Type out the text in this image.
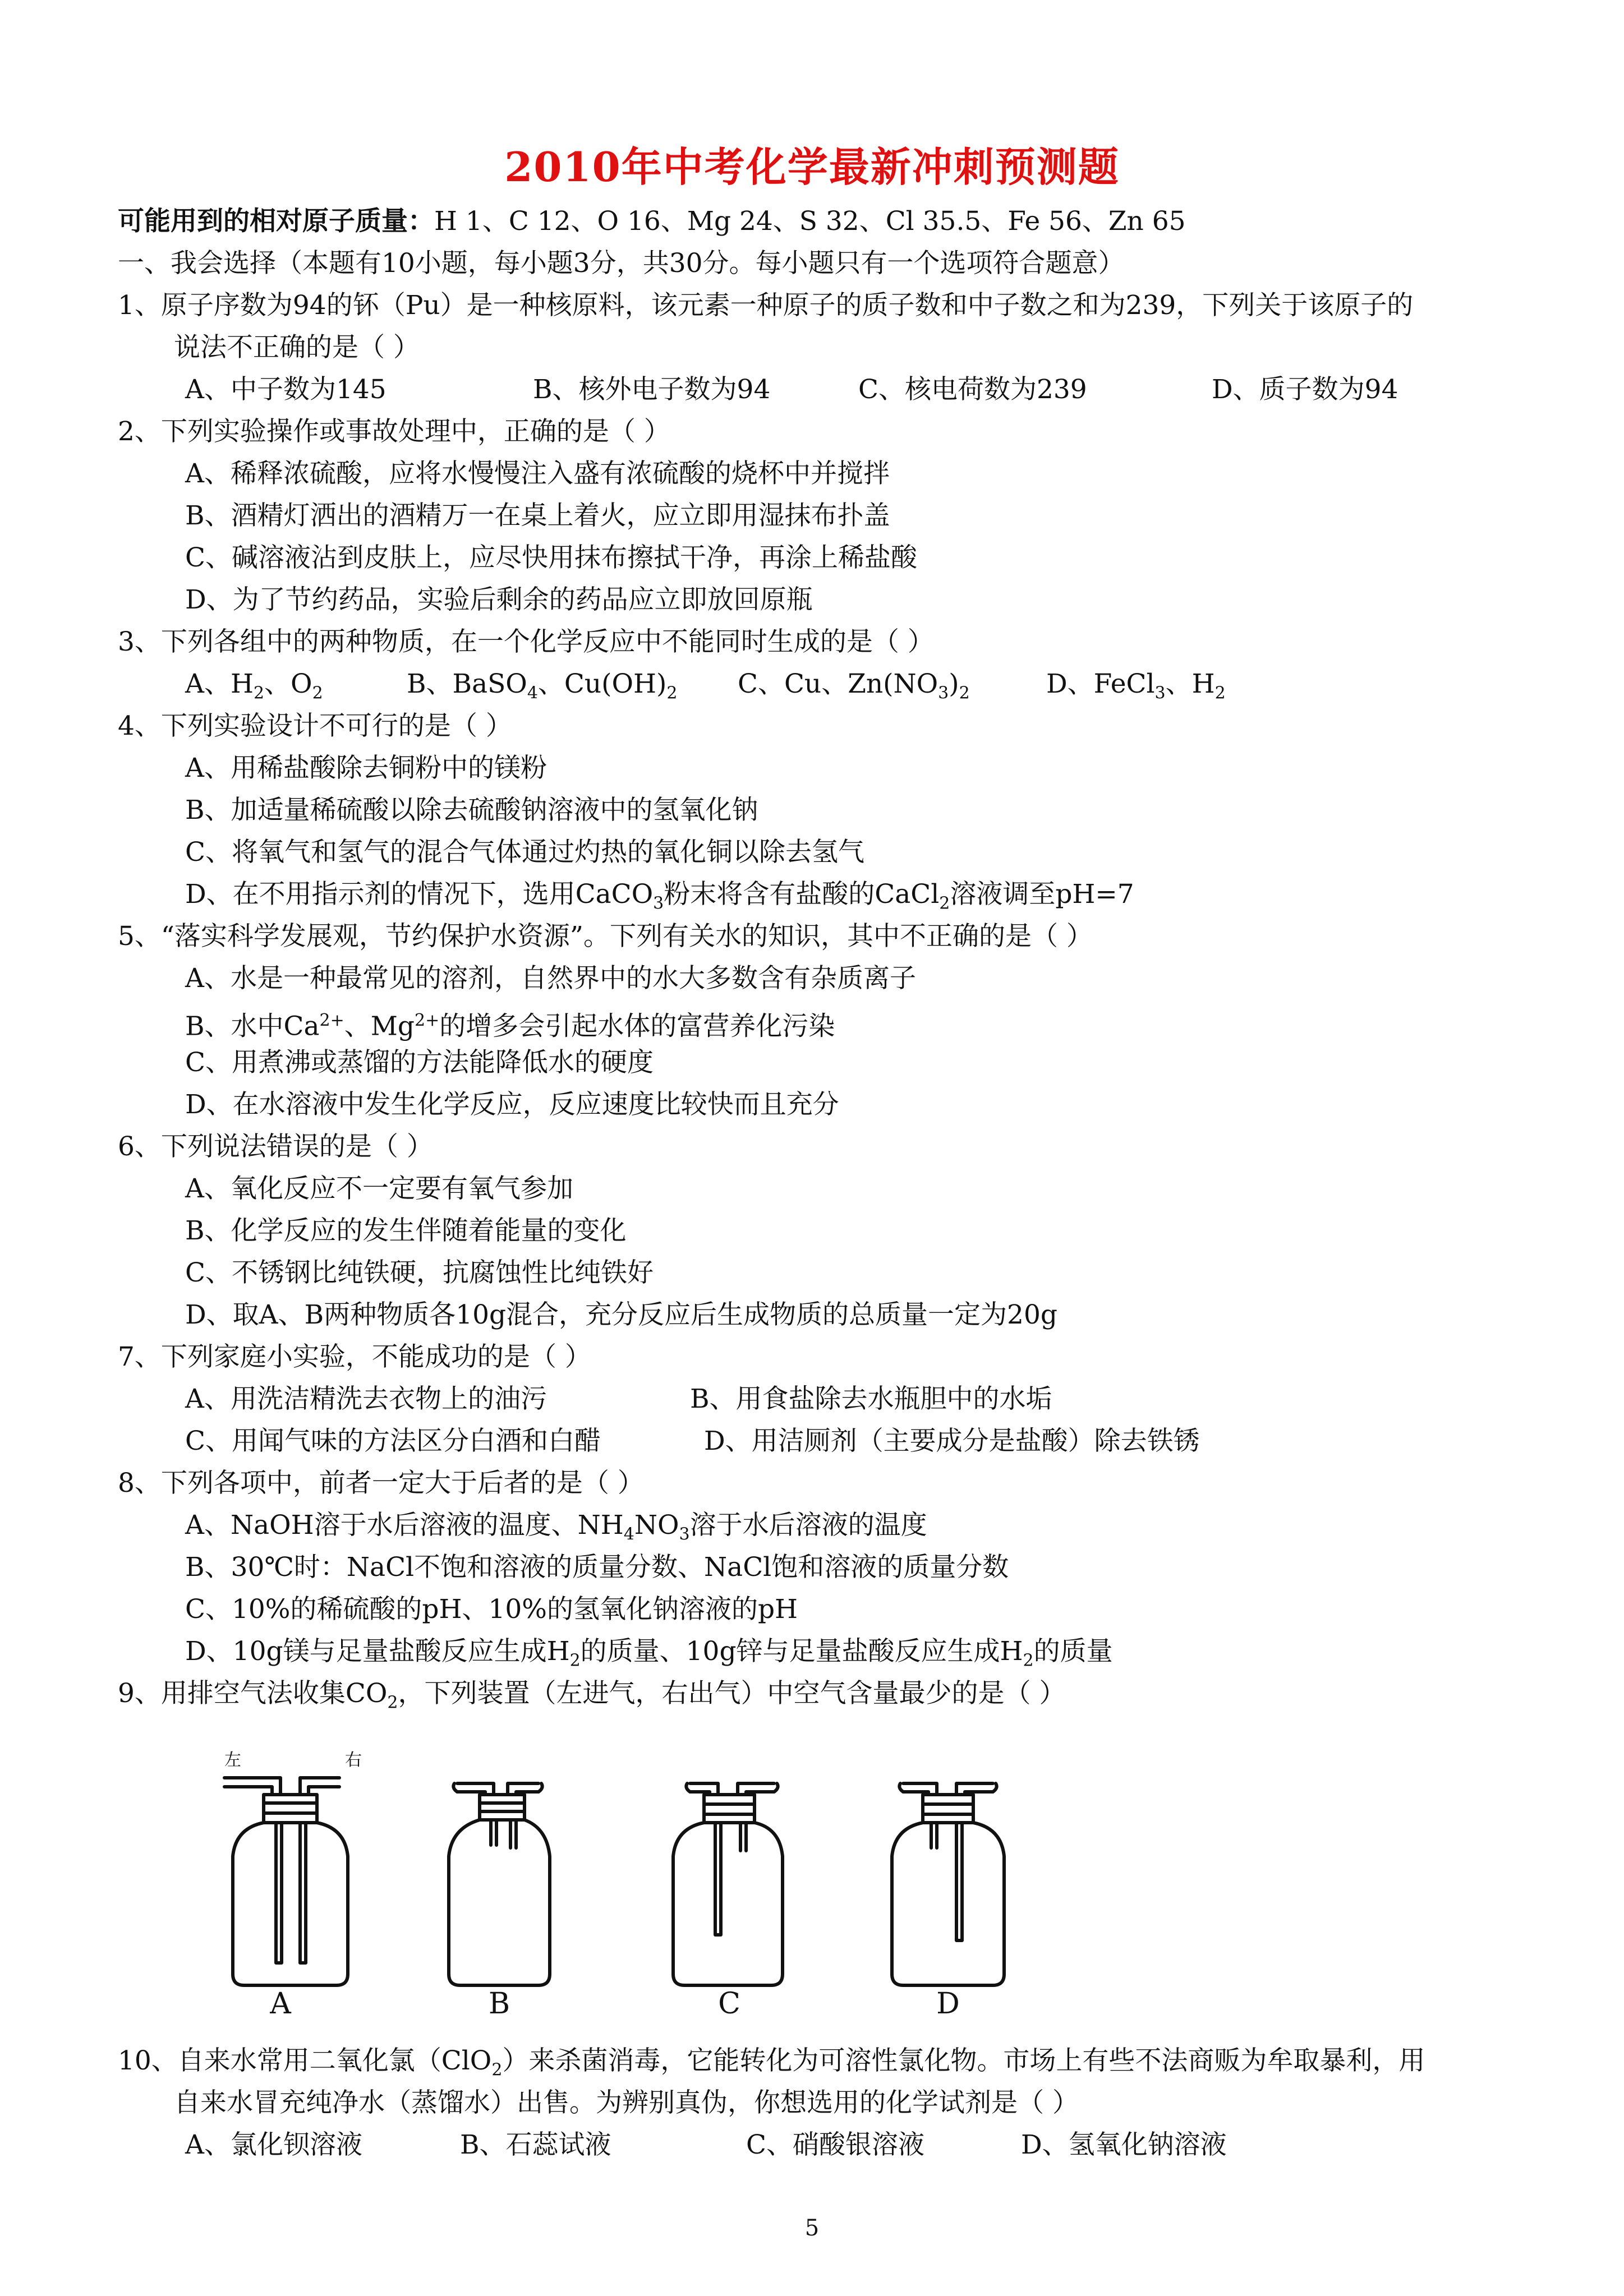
2010年中考化学最新冲刺预测题
可能用到的相对原子质量：H 1、C 12、O 16、Mg 24、S 32、Cl 35.5、Fe 56、Zn 65
一、我会选择（本题有10小题，每小题3分，共30分。每小题只有一个选项符合题意）
1、原子序数为94的钚（Pu）是一种核原料，该元素一种原子的质子数和中子数之和为239，下列关于该原子的
说法不正确的是（ ）
A、中子数为145	B、核外电子数为94	C、核电荷数为239	D、质子数为94
2、下列实验操作或事故处理中，正确的是（ ）
A、稀释浓硫酸，应将水慢慢注入盛有浓硫酸的烧杯中并搅拌
B、酒精灯洒出的酒精万一在桌上着火，应立即用湿抹布扑盖
C、碱溶液沾到皮肤上，应尽快用抹布擦拭干净，再涂上稀盐酸
D、为了节约药品，实验后剩余的药品应立即放回原瓶
3、下列各组中的两种物质，在一个化学反应中不能同时生成的是（ ）
A、$H_2$、$O_2$	B、BaSO$_4$、$Cu(OH)_2$ C、Cu、$Zn(NO_3)_2$	D、FeCl$_3$、$H_2$
4、下列实验设计不可行的是（ ）
A、用稀盐酸除去铜粉中的镁粉
B、加适量稀硫酸以除去硫酸钠溶液中的氢氧化钠
C、将氧气和氢气的混合气体通过灼热的氧化铜以除去氢气
D、在不用指示剂的情况下，选用CaCO$_3$粉末将含有盐酸的CaCl$_2$溶液调至pH=7
5、“落实科学发展观，节约保护水资源”。下列有关水的知识，其中不正确的是（ ）
A、水是一种最常见的溶剂，自然界中的水大多数含有杂质离子
B、水中$Ca^{2+}$、$Mg^{2+}$的增多会引起水体的富营养化污染
C、用煮沸或蒸馏的方法能降低水的硬度
D、在水溶液中发生化学反应，反应速度比较快而且充分
6、下列说法错误的是（ ）
A、氧化反应不一定要有氧气参加
B、化学反应的发生伴随着能量的变化
C、不锈钢比纯铁硬，抗腐蚀性比纯铁好
D、取A、B两种物质各10g混合，充分反应后生成物质的总质量一定为20g
7、下列家庭小实验，不能成功的是（ ）
A、用洗洁精洗去衣物上的油污	B、用食盐除去水瓶胆中的水垢
C、用闻气味的方法区分白酒和白醋	D、用洁厕剂（主要成分是盐酸）除去铁锈
8、下列各项中，前者一定大于后者的是（ ）
A、NaOH溶于水后溶液的温度、$NH_4NO_3$溶于水后溶液的温度
B、30℃时：NaCl不饱和溶液的质量分数、NaCl饱和溶液的质量分数
C、10%的稀硫酸的pH、10%的氢氧化钠溶液的pH
D、10g镁与足量盐酸反应生成$H_2$的质量、10g锌与足量盐酸反应生成$H_2$的质量
9、用排空气法收集$CO_2$，下列装置（左进气，右出气）中空气含量最少的是（ ）
左	右
A	B	C	D
10、自来水常用二氧化氯（ClO$_2$）来杀菌消毒，它能转化为可溶性氯化物。市场上有些不法商贩为牟取暴利，用
自来水冒充纯净水（蒸馏水）出售。为辨别真伪，你想选用的化学试剂是（ ）
A、氯化钡溶液	B、石蕊试液	C、硝酸银溶液	D、氢氧化钠溶液
5
